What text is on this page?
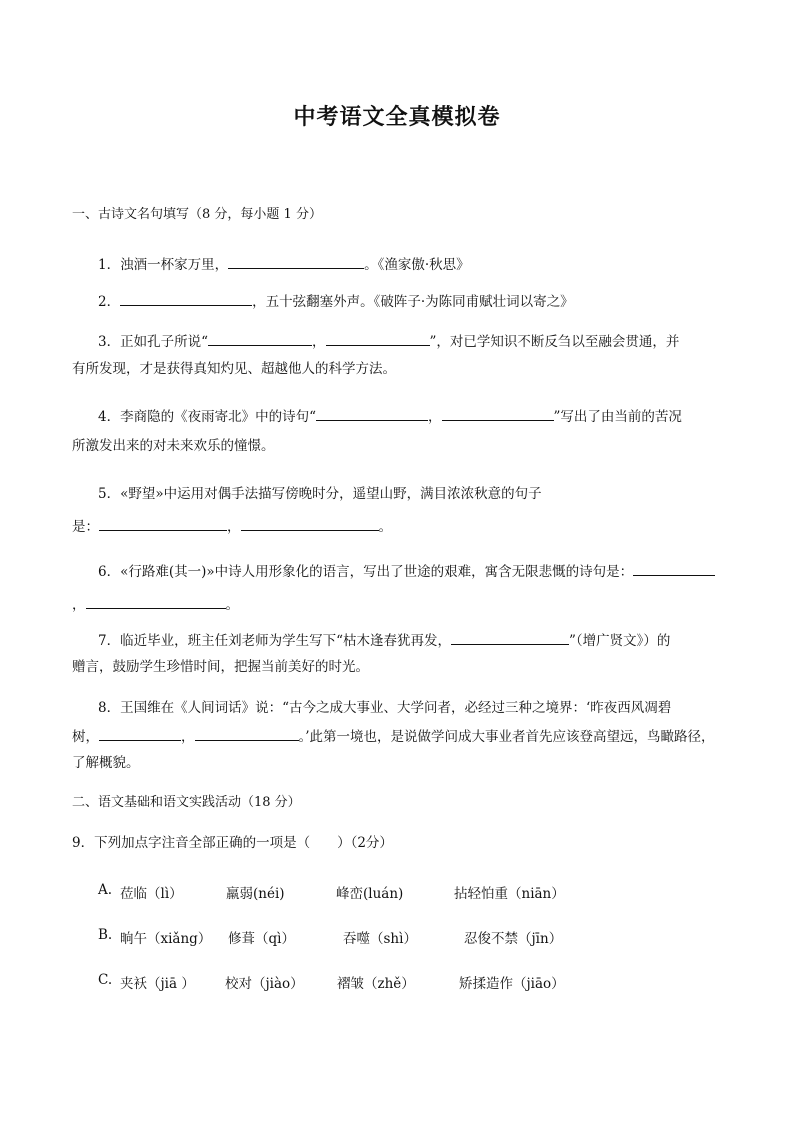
中考语文全真模拟卷
一、古诗文名句填写（8 分，每小题 1 分）
1．浊酒一杯家万里，	。《渔家傲·秋思》
2．	，五十弦翻塞外声。《破阵子·为陈同甫赋壮词以寄之》
3．正如孔子所说“	，	”，对已学知识不断反刍以至融会贯通，并
有所发现，才是获得真知灼见、超越他人的科学方法。
4．李商隐的《夜雨寄北》中的诗句“	，	”写出了由当前的苦况
所激发出来的对未来欢乐的憧憬。
5．«野望»中运用对偶手法描写傍晚时分，遥望山野，满目浓浓秋意的句子
是：	，	。
6．«行路难(其一)»中诗人用形象化的语言，写出了世途的艰难，寓含无限悲慨的诗句是：
，	。
7．临近毕业，班主任刘老师为学生写下“枯木逢春犹再发，	”（增广贤文》）的
赠言，鼓励学生珍惜时间，把握当前美好的时光。
8．王国维在《人间词话》说：“古今之成大事业、大学问者，必经过三种之境界：‘昨夜西风凋碧
树，	，	。’此第一境也，是说做学问成大事业者首先应该登高望远，鸟瞰路径，
了解概貌。
二、语文基础和语文实践活动（18 分）
9．下列加点字注音全部正确的一项是（　　）（2分）
A. 莅临（lì）	羸弱(néi)	峰峦(luán)	拈轻怕重（niān）
B. 晌午（xiǎng） 修葺（qì）	吞噬（shì）	忍俊不禁（jīn）
C. 夹袄（jiā ） 校对（jiào） 褶皱（zhě）	矫揉造作（jiāo）
